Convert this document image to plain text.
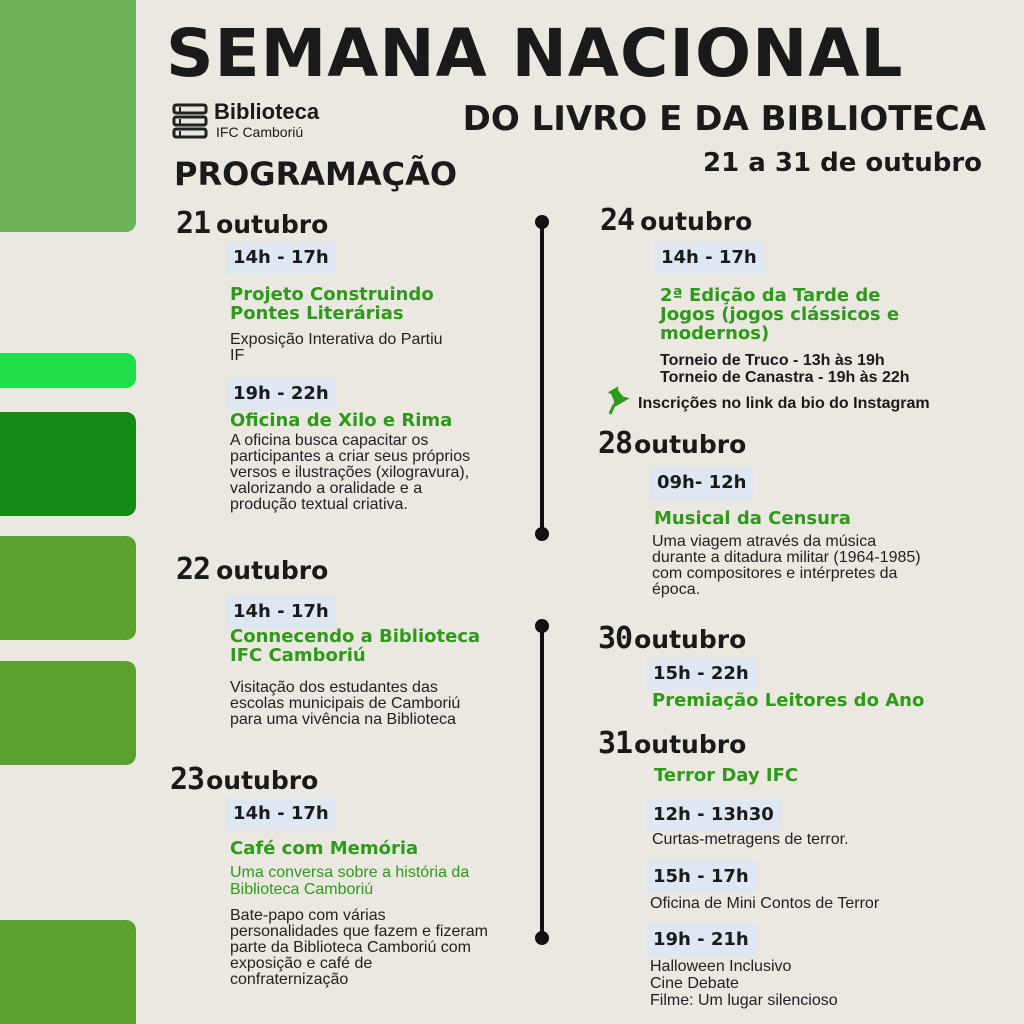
SEMANA NACIONAL
DO LIVRO E DA BIBLIOTECA
21 a 31 de outubro
Biblioteca
IFC Camboriú
PROGRAMAÇÃO
21 outubro
14h - 17h
Projeto Construindo Pontes Literárias
Exposição Interativa do Partiu IF
19h - 22h
Oficina de Xilo e Rima
A oficina busca capacitar os participantes a criar seus próprios versos e ilustrações (xilogravura), valorizando a oralidade e a produção textual criativa.
22 outubro
14h - 17h
Connecendo a Biblioteca IFC Camboriú
Visitação dos estudantes das escolas municipais de Camboriú para uma vivência na Biblioteca
23outubro
14h - 17h
Café com Memória
Uma conversa sobre a história da Biblioteca Camboriú
Bate-papo com várias personalidades que fazem e fizeram parte da Biblioteca Camboriú com exposição e café de confraternização
24 outubro
14h - 17h
2ª Edição da Tarde de Jogos (jogos clássicos e modernos)
Torneio de Truco - 13h às 19h
Torneio de Canastra - 19h às 22h
Inscrições no link da bio do Instagram
28outubro
09h- 12h
Musical da Censura
Uma viagem através da música durante a ditadura militar (1964-1985) com compositores e intérpretes da época.
30outubro
15h - 22h
Premiação Leitores do Ano
31outubro
Terror Day IFC
12h - 13h30
Curtas-metragens de terror.
15h - 17h
Oficina de Mini Contos de Terror
19h - 21h
Halloween Inclusivo
Cine Debate
Filme: Um lugar silencioso
